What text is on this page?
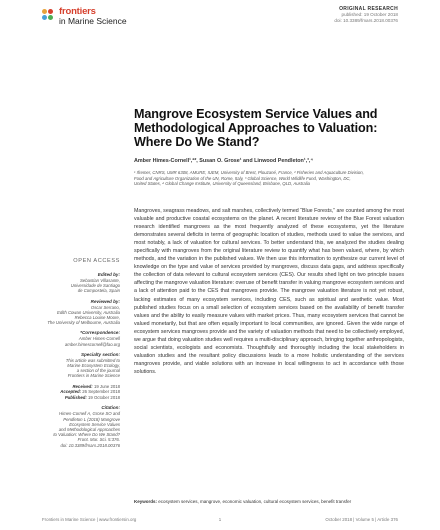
frontiers
in Marine Science
ORIGINAL RESEARCH
published: 19 October 2018
doi: 10.3389/fmars.2018.00376
Mangrove Ecosystem Service Values and Methodological Approaches to Valuation: Where Do We Stand?
Amber Himes-Cornell¹,²*, Susan O. Grose¹ and Linwood Pendleton¹,³,⁴
¹ Ifremer, CNRS, UMR 6308, AMURE, IUEM, University of Brest, Plouzané, France, ² Fisheries and Aquaculture Division,
Food and Agriculture Organization of the UN, Rome, Italy, ³ Global Science, World Wildlife Fund, Washington, DC,
United States, ⁴ Global Change Institute, University of Queensland, Brisbane, QLD, Australia
Mangroves, seagrass meadows, and salt marshes, collectively termed “Blue Forests,” are counted among the most valuable and productive coastal ecosystems on the planet. A recent literature review of the Blue Forest valuation research identified mangroves as the most frequently analyzed of these ecosystems, yet the literature demonstrates several deficits in terms of geographic location of studies, methods used to value the services, and most notably, a lack of valuation for cultural services. To better understand this, we analyzed the studies dealing specifically with mangroves from the original literature review to quantify what has been valued, where, by which methods, and the variation in the published values. We then use this information to synthesize our current level of knowledge on the type and value of services provided by mangroves, discuss data gaps, and address specifically the collection of data relevant to cultural ecosystem services (CES). Our results shed light on two principle issues affecting the mangrove valuation literature: overuse of benefit transfer in valuing mangrove ecosystem services and a lack of attention paid to the CES that mangroves provide. The mangrove valuation literature is not yet robust, lacking estimates of many ecosystem services, including CES, such as spiritual and aesthetic value. Most published studies focus on a small selection of ecosystem services based on the availability of benefit transfer values and the ability to easily measure values with market prices. Thus, many ecosystem services that cannot be valued monetarily, but that are often equally important to local communities, are ignored. Given the wide range of ecosystem services mangroves provide and the variety of valuation methods that need to be collectively employed, we argue that doing valuation studies well requires a multi-disciplinary approach, bringing together anthropologists, social scientists, ecologists and economists. Thoughtfully and thoroughly including the local stakeholders in valuation studies and the resultant policy discussions leads to a more holistic understanding of the services mangroves provide, and viable solutions with an increase in local willingness to act in accordance with those solutions.
Keywords: ecosystem services, mangrove, economic valuation, cultural ecosystem services, benefit transfer
OPEN ACCESS
Edited by:
Sebastian Villasante,
Universidade de Santiago
de Compostela, Spain
Reviewed by:
Oscar Serrano,
Edith Cowan University, Australia
Rebecca Louise Moore,
The University of Melbourne, Australia
*Correspondence:
Amber Himes-Cornell
amber.himescornell@fao.org
Specialty section:
This article was submitted to
Marine Ecosystem Ecology,
a section of the journal
Frontiers in Marine Science
Received: 19 June 2018
Accepted: 26 September 2018
Published: 19 October 2018
Citation:
Himes-Cornell A, Grose SO and
Pendleton L (2018) Mangrove
Ecosystem Service Values
and Methodological Approaches
to Valuation: Where Do We Stand?
Front. Mar. Sci. 5:376.
doi: 10.3389/fmars.2018.00376
Frontiers in Marine Science | www.frontiersin.org	1	October 2018 | Volume 5 | Article 376
